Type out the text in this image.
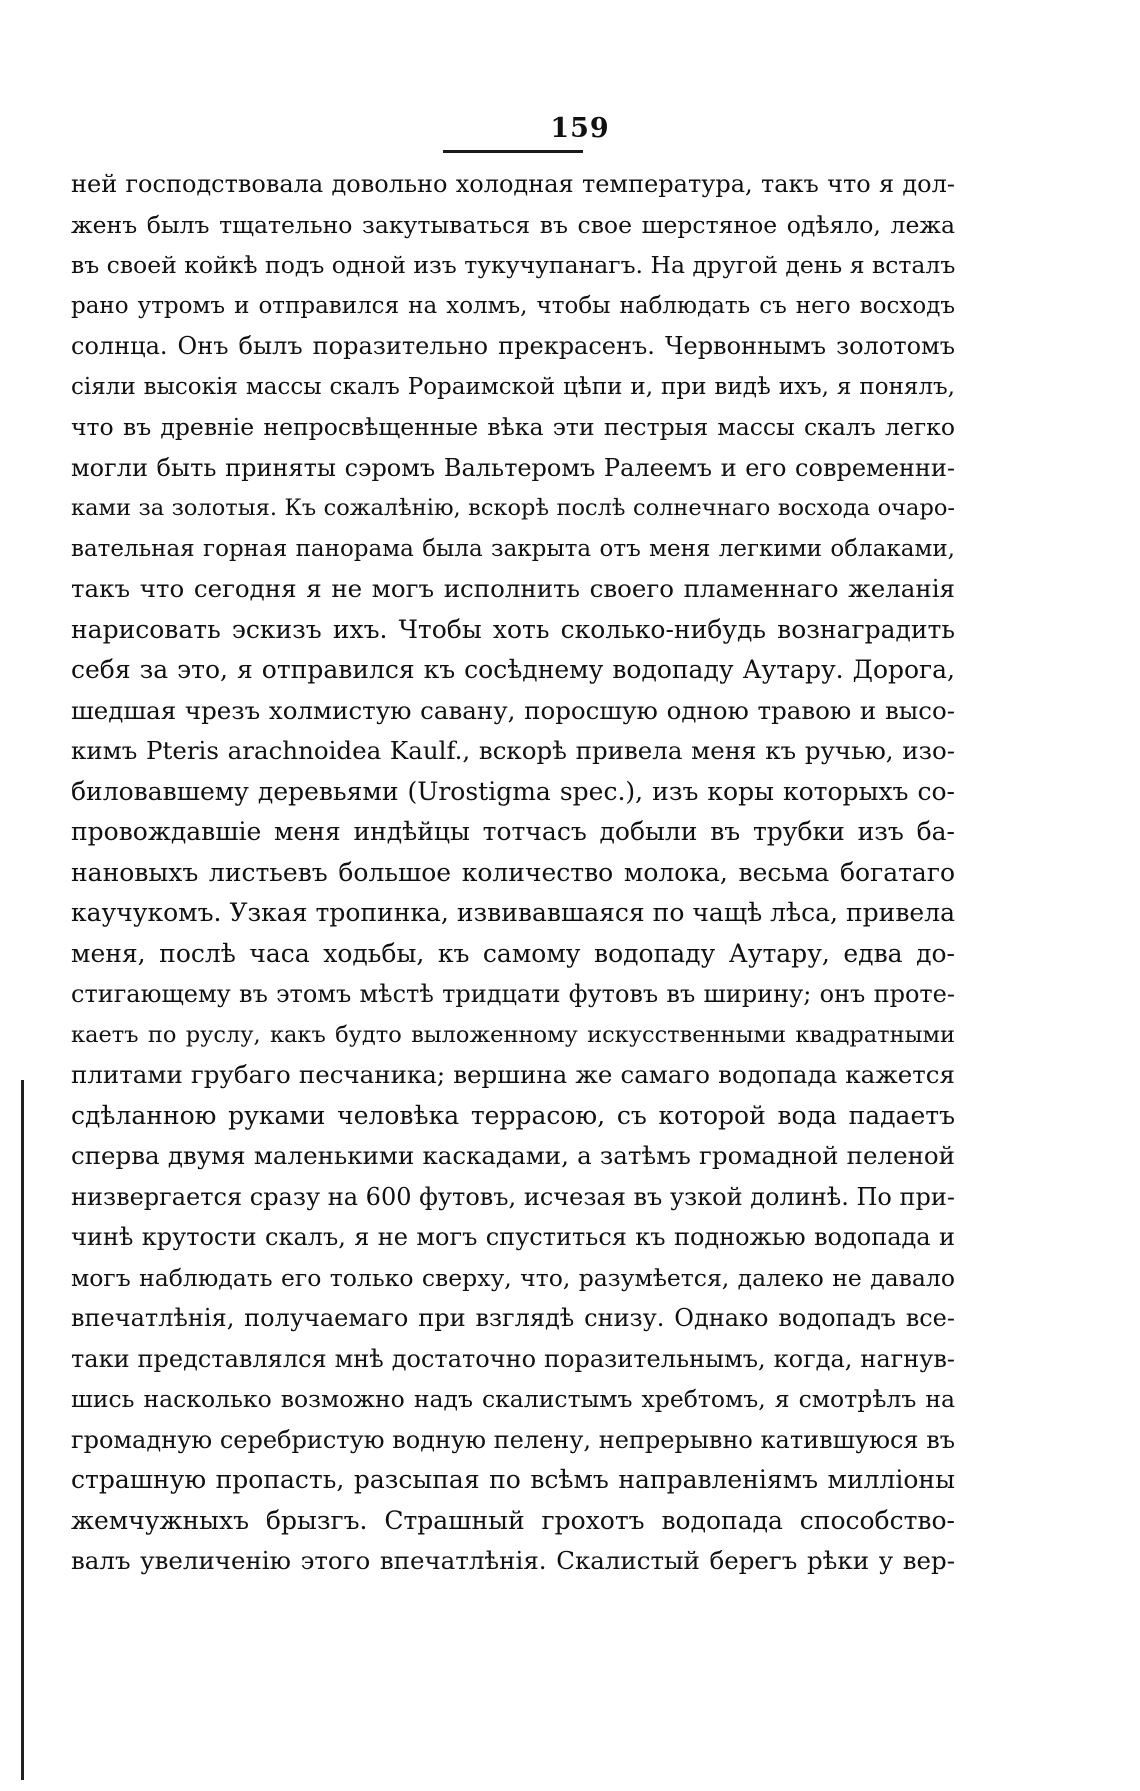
159
ней господствовала довольно холодная температура, такъ что я дол-
женъ былъ тщательно закутываться въ свое шерстяное одѣяло, лежа
въ своей койкѣ подъ одной изъ тукучупанагъ. На другой день я всталъ
рано утромъ и отправился на холмъ, чтобы наблюдать съ него восходъ
солнца. Онъ былъ поразительно прекрасенъ. Червоннымъ золотомъ
сіяли высокія массы скалъ Рораимской цѣпи и, при видѣ ихъ, я понялъ,
что въ древніе непросвѣщенные вѣка эти пестрыя массы скалъ легко
могли быть приняты сэромъ Вальтеромъ Ралеемъ и его современни-
ками за золотыя. Къ сожалѣнію, вскорѣ послѣ солнечнаго восхода очаро-
вательная горная панорама была закрыта отъ меня легкими облаками,
такъ что сегодня я не могъ исполнить своего пламеннаго желанія
нарисовать эскизъ ихъ. Чтобы хоть сколько-нибудь вознаградить
себя за это, я отправился къ сосѣднему водопаду Аутару. Дорога,
шедшая чрезъ холмистую савану, поросшую одною травою и высо-
кимъ Pteris arachnoidea Kaulf., вскорѣ привела меня къ ручью, изо-
биловавшему деревьями (Urostigma spec.), изъ коры которыхъ со-
провождавшіе меня индѣйцы тотчасъ добыли въ трубки изъ ба-
нановыхъ листьевъ большое количество молока, весьма богатаго
каучукомъ. Узкая тропинка, извивавшаяся по чащѣ лѣса, привела
меня, послѣ часа ходьбы, къ самому водопаду Аутару, едва до-
стигающему въ этомъ мѣстѣ тридцати футовъ въ ширину; онъ проте-
каетъ по руслу, какъ будто выложенному искусственными квадратными
плитами грубаго песчаника; вершина же самаго водопада кажется
сдѣланною руками человѣка террасою, съ которой вода падаетъ
сперва двумя маленькими каскадами, а затѣмъ громадной пеленой
низвергается сразу на 600 футовъ, исчезая въ узкой долинѣ. По при-
чинѣ крутости скалъ, я не могъ спуститься къ подножью водопада и
могъ наблюдать его только сверху, что, разумѣется, далеко не давало
впечатлѣнія, получаемаго при взглядѣ снизу. Однако водопадъ все-
таки представлялся мнѣ достаточно поразительнымъ, когда, нагнув-
шись насколько возможно надъ скалистымъ хребтомъ, я смотрѣлъ на
громадную серебристую водную пелену, непрерывно катившуюся въ
страшную пропасть, разсыпая по всѣмъ направленіямъ милліоны
жемчужныхъ брызгъ. Страшный грохотъ водопада способство-
валъ увеличенію этого впечатлѣнія. Скалистый берегъ рѣки у вер-
